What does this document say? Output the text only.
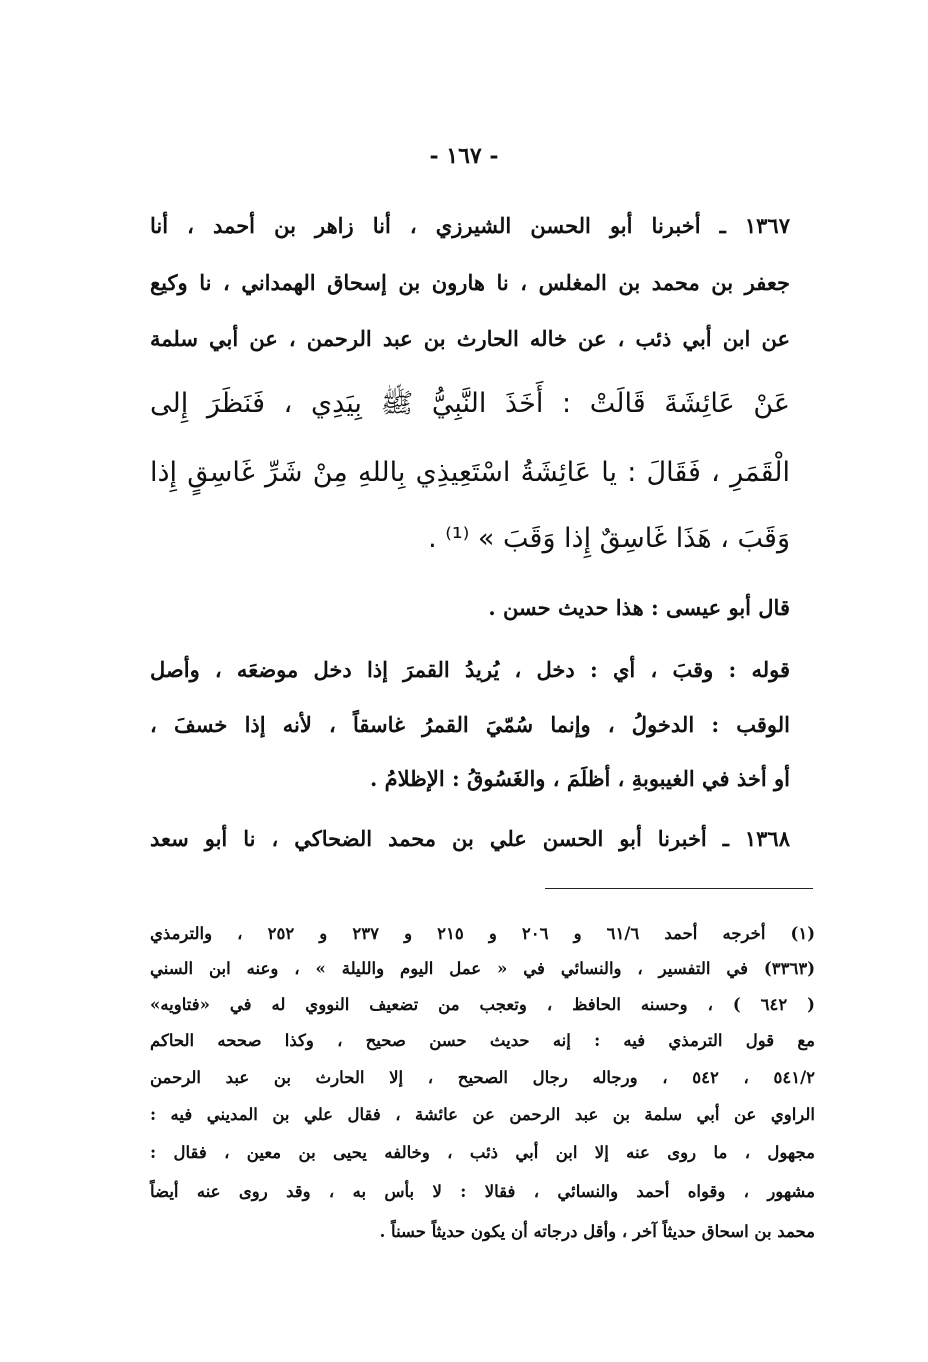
- ١٦٧ -
١٣٦٧ ـ أخبرنا أبو الحسن الشيرزي ، أنا زاهر بن أحمد ، أنا
جعفر بن محمد بن المغلس ، نا هارون بن إسحاق الهمداني ، نا وكيع
عن ابن أبي ذئب ، عن خاله الحارث بن عبد الرحمن ، عن أبي سلمة
عَنْ عَائِشَةَ قَالَتْ : أَخَذَ النَّبِيُّ ﷺ بِيَدِي ، فَنَظَرَ إِلى
الْقَمَرِ ، فَقَالَ : يا عَائِشَةُ اسْتَعِيذِي بِاللهِ مِنْ شَرِّ غَاسِقٍ إِذا
وَقَبَ ، هَذَا غَاسِقٌ إِذا وَقَبَ » ⁽¹⁾ .
قال أبو عيسى : هذا حديث حسن .
قوله : وقبَ ، أي : دخل ، يُريدُ القمرَ إذا دخل موضعَه ، وأصل
الوقب : الدخولُ ، وإنما سُمّيَ القمرُ غاسقاً ، لأنه إذا خسفَ ،
أو أخذ في الغيبوبةِ ، أظلَمَ ، والغَسُوقُ : الإظلامُ .
١٣٦٨ ـ أخبرنا أبو الحسن علي بن محمد الضحاكي ، نا أبو سعد
(١) أخرجه أحمد ٦١/٦ و ٢٠٦ و ٢١٥ و ٢٣٧ و ٢٥٢ ، والترمذي
(٣٣٦٣) في التفسير ، والنسائي في « عمل اليوم والليلة » ، وعنه ابن السني
( ٦٤٢ ) ، وحسنه الحافظ ، وتعجب من تضعيف النووي له في «فتاويه»
مع قول الترمذي فيه : إنه حديث حسن صحيح ، وكذا صححه الحاكم
٥٤١/٢ ، ٥٤٢ ، ورجاله رجال الصحيح ، إلا الحارث بن عبد الرحمن
الراوي عن أبي سلمة بن عبد الرحمن عن عائشة ، فقال علي بن المديني فيه :
مجهول ، ما روى عنه إلا ابن أبي ذئب ، وخالفه يحيى بن معين ، فقال :
مشهور ، وقواه أحمد والنسائي ، فقالا : لا بأس به ، وقد روى عنه أيضاً
محمد بن اسحاق حديثاً آخر ، وأقل درجاته أن يكون حديثاً حسناً .
